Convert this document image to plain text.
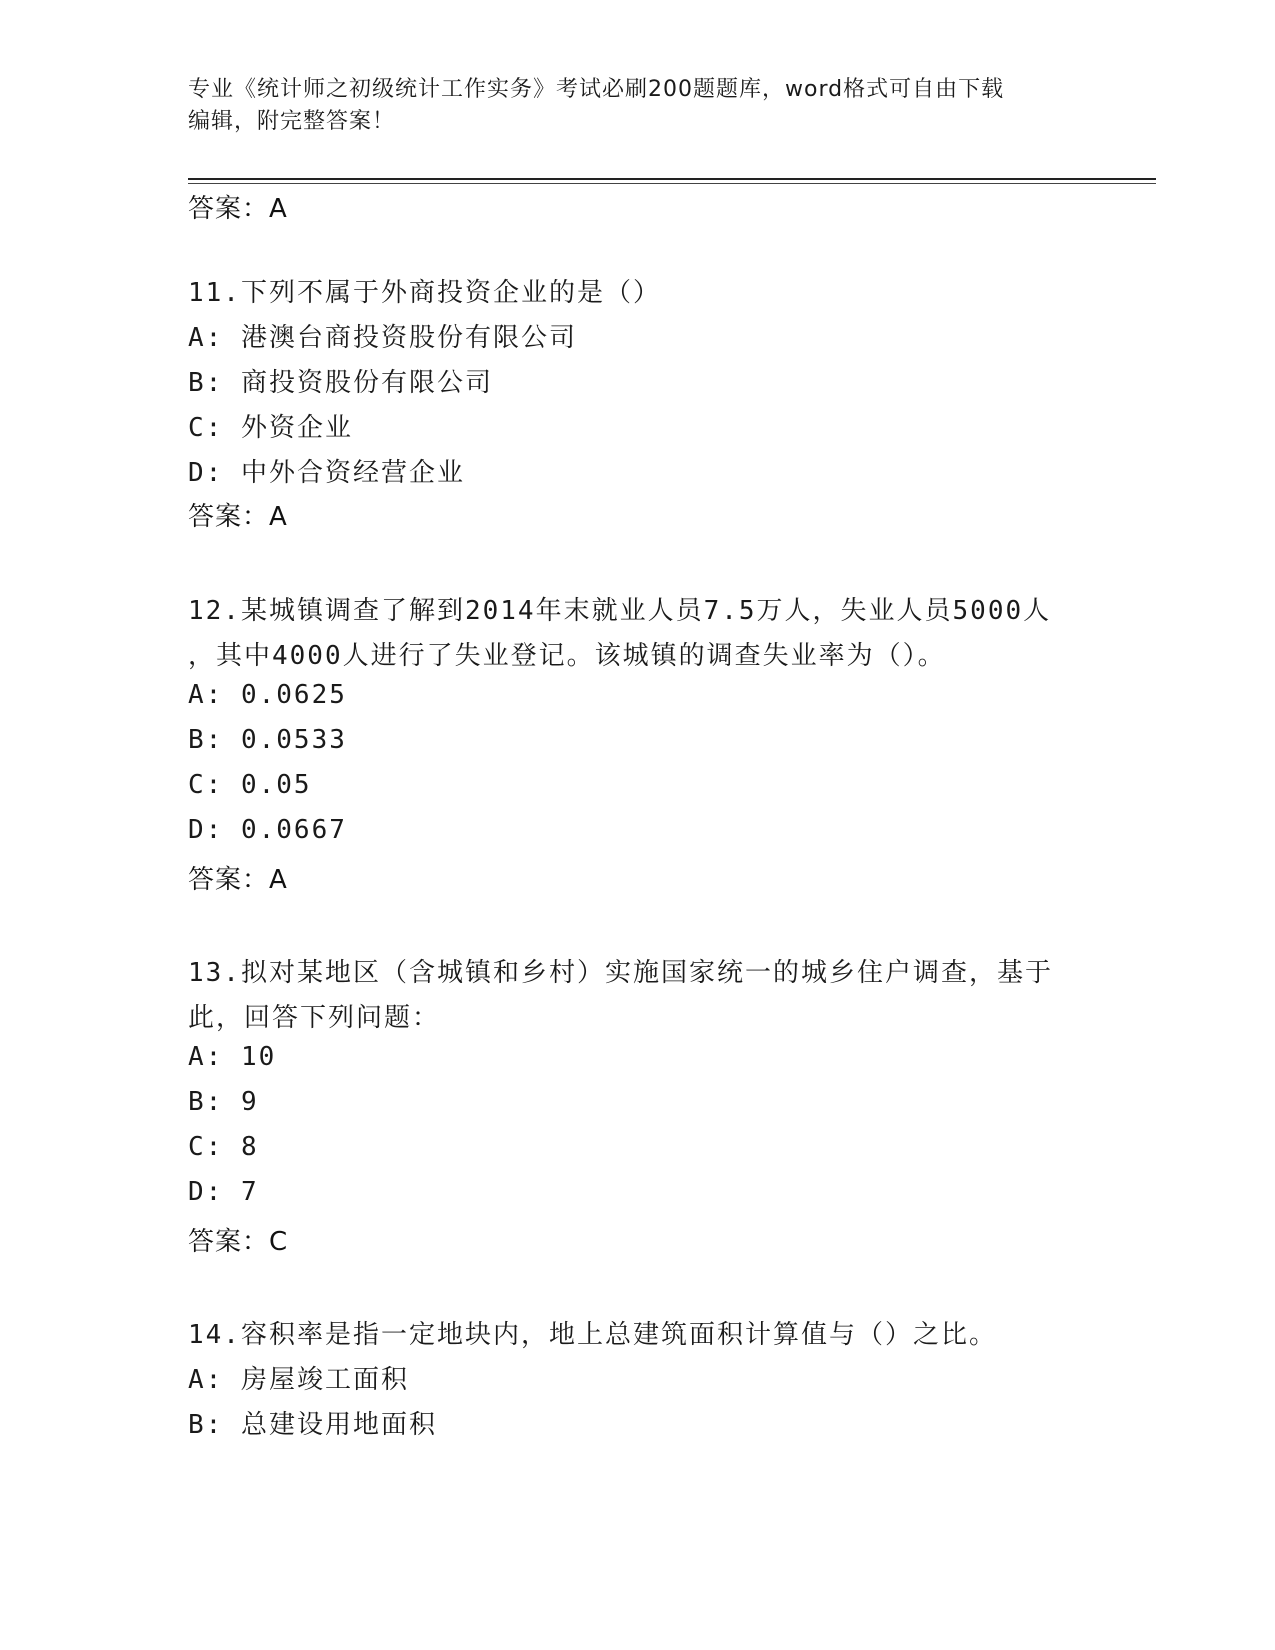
专业《统计师之初级统计工作实务》考试必刷200题题库，word格式可自由下载
编辑，附完整答案！
答案：A
11.下列不属于外商投资企业的是（）
A: 港澳台商投资股份有限公司
B: 商投资股份有限公司
C: 外资企业
D: 中外合资经营企业
答案：A
12.某城镇调查了解到2014年末就业人员7.5万人，失业人员5000人
，其中4000人进行了失业登记。该城镇的调查失业率为（）。
A: 0.0625
B: 0.0533
C: 0.05
D: 0.0667
答案：A
13.拟对某地区（含城镇和乡村）实施国家统一的城乡住户调查，基于
此，回答下列问题：
A: 10
B: 9
C: 8
D: 7
答案：C
14.容积率是指一定地块内，地上总建筑面积计算值与（）之比。
A: 房屋竣工面积
B: 总建设用地面积
